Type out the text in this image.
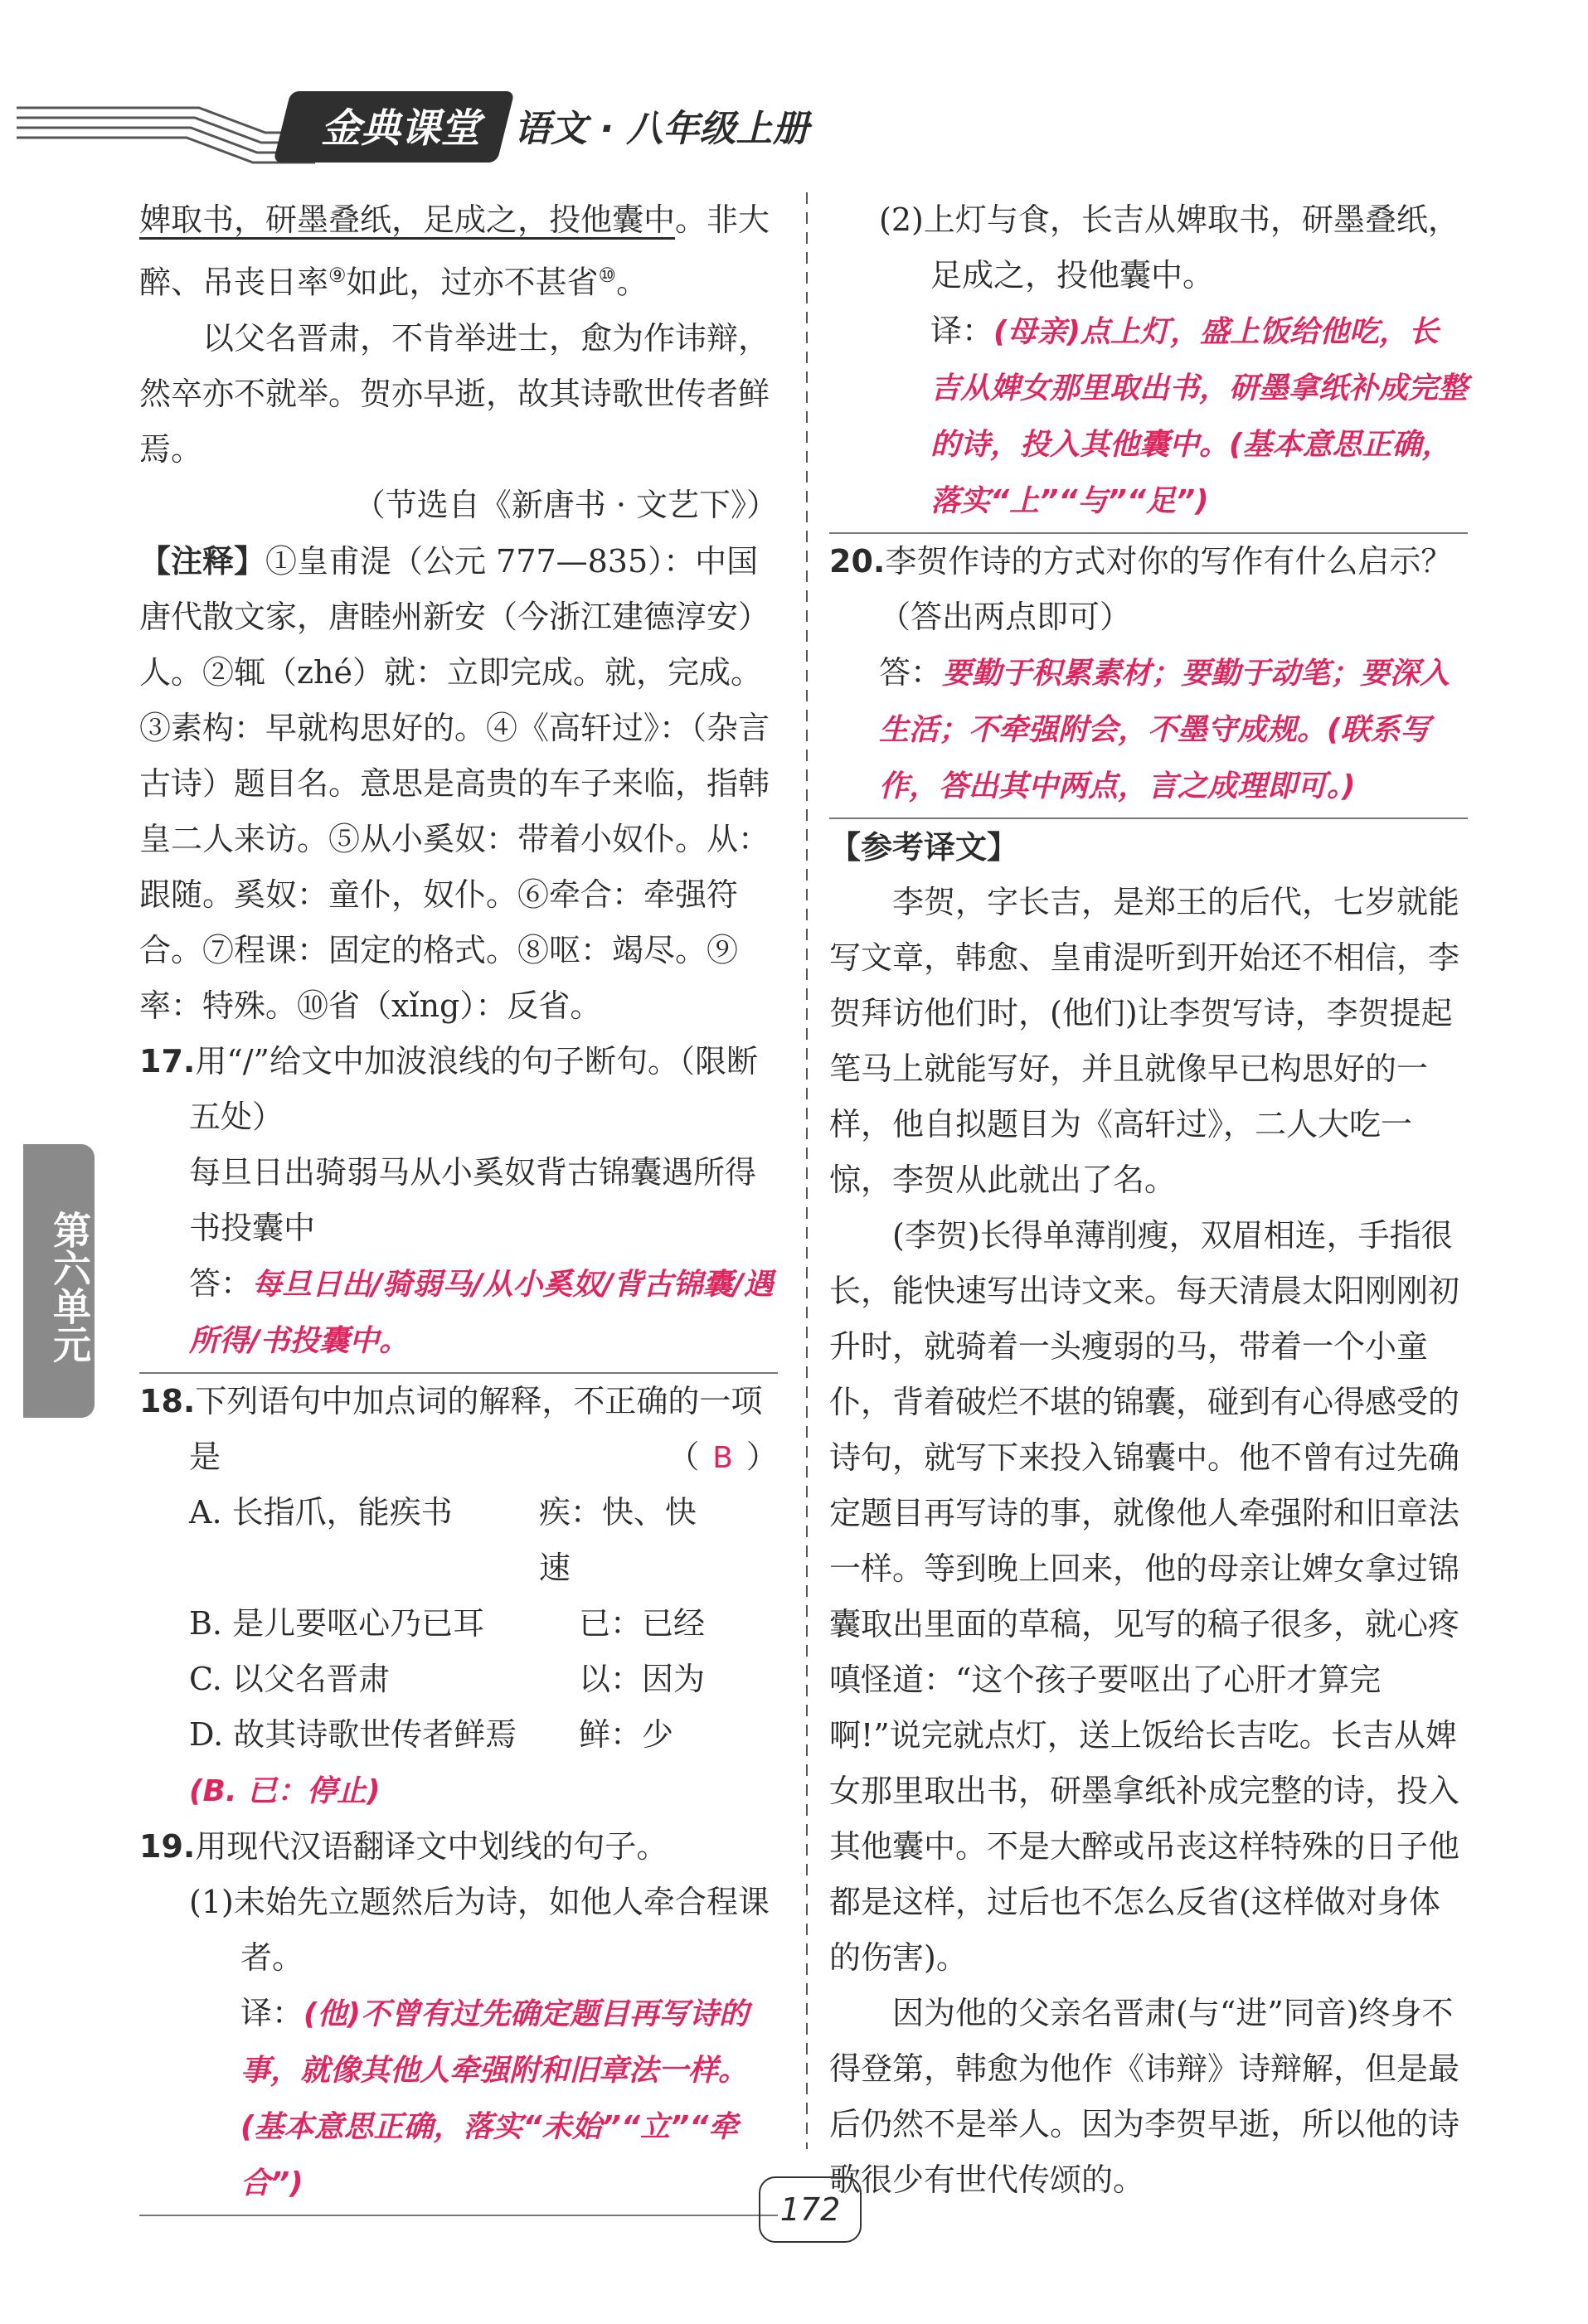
金典课堂 语文 · 八年级上册

婢取书，研墨叠纸，足成之，投他囊中。非大醉、吊丧日率⑨如此，过亦不甚省⑩。

以父名晋肃，不肯举进士，愈为作讳辩，然卒亦不就举。贺亦早逝，故其诗歌世传者鲜焉。

（节选自《新唐书 · 文艺下》）

【注释】①皇甫湜（公元 777—835）：中国唐代散文家，唐睦州新安（今浙江建德淳安）人。②辄（zhé）就：立即完成。就，完成。③素构：早就构思好的。④《高轩过》：（杂言古诗）题目名。意思是高贵的车子来临，指韩皇二人来访。⑤从小奚奴：带着小奴仆。从：跟随。奚奴：童仆，奴仆。⑥牵合：牵强符合。⑦程课：固定的格式。⑧呕：竭尽。⑨率：特殊。⑩省（xǐng）：反省。

17.用“/”给文中加波浪线的句子断句。（限断五处）

每旦日出骑弱马从小奚奴背古锦囊遇所得书投囊中

答：每旦日出/骑弱马/从小奚奴/背古锦囊/遇所得/书投囊中。

18.下列语句中加点词的解释，不正确的一项是	（ B ）

A. 长指爪，能疾书	疾：快、快速
B. 是儿要呕心乃已耳	已：已经
C. 以父名晋肃	以：因为
D. 故其诗歌世传者鲜焉	鲜：少

(B. 已：停止)

19.用现代汉语翻译文中划线的句子。

(1)未始先立题然后为诗，如他人牵合程课者。

译：(他)不曾有过先确定题目再写诗的事，就像其他人牵强附和旧章法一样。(基本意思正确，落实“未始”“立”“牵合”)

(2)上灯与食，长吉从婢取书，研墨叠纸，足成之，投他囊中。

译：(母亲)点上灯，盛上饭给他吃，长吉从婢女那里取出书，研墨拿纸补成完整的诗，投入其他囊中。(基本意思正确，落实“上”“与”“足”)

20.李贺作诗的方式对你的写作有什么启示？（答出两点即可）

答：要勤于积累素材；要勤于动笔；要深入生活；不牵强附会，不墨守成规。(联系写作，答出其中两点，言之成理即可。)

【参考译文】

李贺，字长吉，是郑王的后代，七岁就能写文章，韩愈、皇甫湜听到开始还不相信，李贺拜访他们时，(他们)让李贺写诗，李贺提起笔马上就能写好，并且就像早已构思好的一样，他自拟题目为《高轩过》，二人大吃一惊，李贺从此就出了名。

(李贺)长得单薄削瘦，双眉相连，手指很长，能快速写出诗文来。每天清晨太阳刚刚初升时，就骑着一头瘦弱的马，带着一个小童仆，背着破烂不堪的锦囊，碰到有心得感受的诗句，就写下来投入锦囊中。他不曾有过先确定题目再写诗的事，就像他人牵强附和旧章法一样。等到晚上回来，他的母亲让婢女拿过锦囊取出里面的草稿，见写的稿子很多，就心疼嗔怪道：“这个孩子要呕出了心肝才算完啊!”说完就点灯，送上饭给长吉吃。长吉从婢女那里取出书，研墨拿纸补成完整的诗，投入其他囊中。不是大醉或吊丧这样特殊的日子他都是这样，过后也不怎么反省(这样做对身体的伤害)。

因为他的父亲名晋肃(与“进”同音)终身不得登第，韩愈为他作《讳辩》诗辩解，但是最后仍然不是举人。因为李贺早逝，所以他的诗歌很少有世代传颂的。

第六单元
172
